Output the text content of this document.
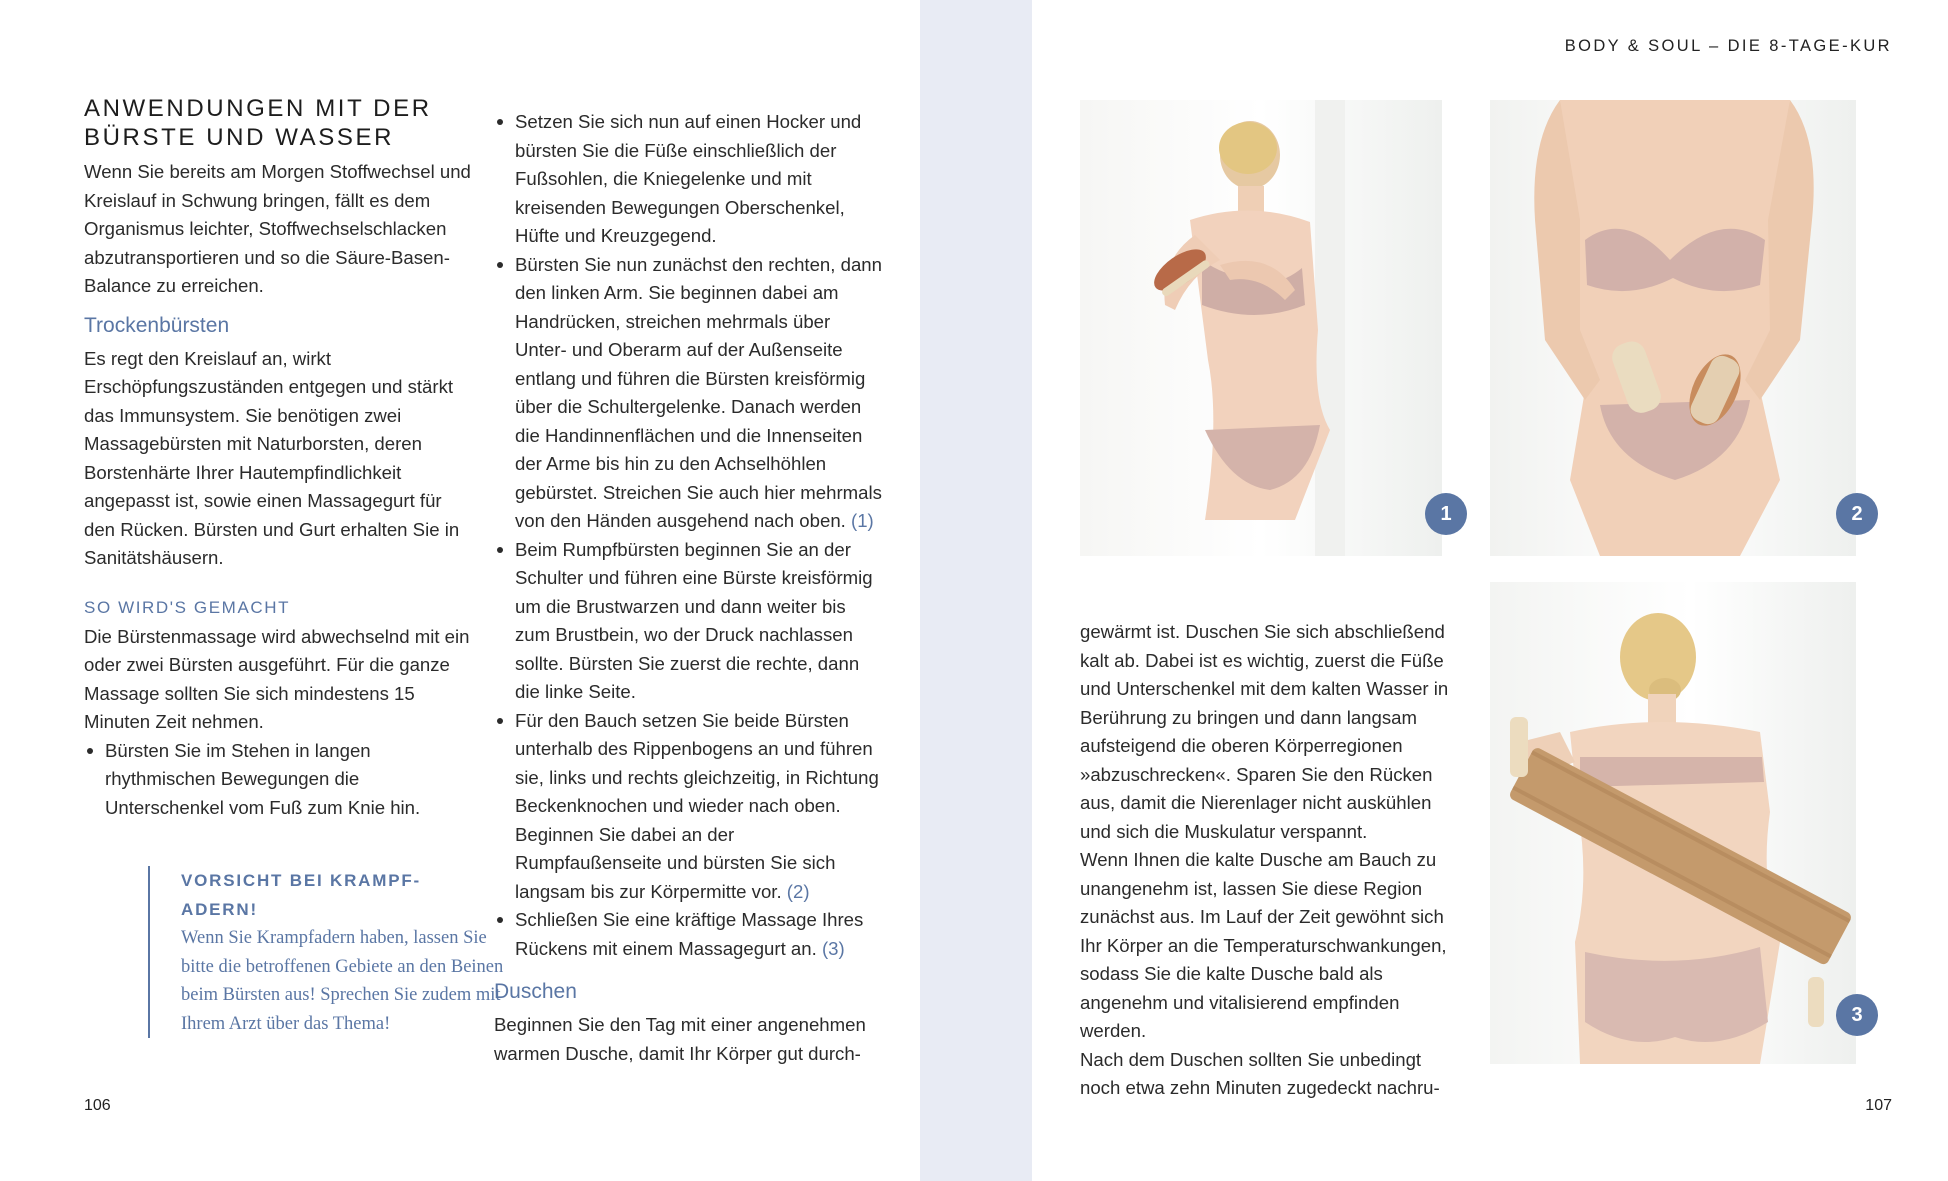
ANWENDUNGEN MIT DER
BÜRSTE UND WASSER

Wenn Sie bereits am Morgen Stoffwechsel und Kreislauf in Schwung bringen, fällt es dem Organismus leichter, Stoffwechselschlacken abzutransportieren und so die Säure-Basen-Balance zu erreichen.

Trockenbürsten

Es regt den Kreislauf an, wirkt Erschöpfungszuständen entgegen und stärkt das Immunsystem. Sie benötigen zwei Massagebürsten mit Naturborsten, deren Borstenhärte Ihrer Hautempfindlichkeit angepasst ist, sowie einen Massagegurt für den Rücken. Bürsten und Gurt erhalten Sie in Sanitätshäusern.

SO WIRD'S GEMACHT

Die Bürstenmassage wird abwechselnd mit ein oder zwei Bürsten ausgeführt. Für die ganze Massage sollten Sie sich mindestens 15 Minuten Zeit nehmen.

Bürsten Sie im Stehen in langen rhythmischen Bewegungen die Unterschenkel vom Fuß zum Knie hin.
VORSICHT BEI KRAMPF-
ADERN!
Wenn Sie Krampfadern haben, lassen Sie bitte die betroffenen Gebiete an den Beinen beim Bürsten aus! Sprechen Sie zudem mit Ihrem Arzt über das Thema!
Setzen Sie sich nun auf einen Hocker und bürsten Sie die Füße einschließlich der Fußsohlen, die Kniegelenke und mit kreisenden Bewegungen Oberschenkel, Hüfte und Kreuzgegend.
Bürsten Sie nun zunächst den rechten, dann den linken Arm. Sie beginnen dabei am Handrücken, streichen mehrmals über Unter- und Oberarm auf der Außenseite entlang und führen die Bürsten kreisförmig über die Schultergelenke. Danach werden die Handinnenflächen und die Innenseiten der Arme bis hin zu den Achselhöhlen gebürstet. Streichen Sie auch hier mehrmals von den Händen ausgehend nach oben. (1)
Beim Rumpfbürsten beginnen Sie an der Schulter und führen eine Bürste kreisförmig um die Brustwarzen und dann weiter bis zum Brustbein, wo der Druck nachlassen sollte. Bürsten Sie zuerst die rechte, dann die linke Seite.
Für den Bauch setzen Sie beide Bürsten unterhalb des Rippenbogens an und führen sie, links und rechts gleichzeitig, in Richtung Beckenknochen und wieder nach oben. Beginnen Sie dabei an der Rumpfaußenseite und bürsten Sie sich langsam bis zur Körpermitte vor. (2)
Schließen Sie eine kräftige Massage Ihres Rückens mit einem Massagegurt an. (3)
Duschen

Beginnen Sie den Tag mit einer angenehmen warmen Dusche, damit Ihr Körper gut durch-

106
BODY & SOUL – DIE 8-TAGE-KUR
1	2
3

gewärmt ist. Duschen Sie sich abschließend kalt ab. Dabei ist es wichtig, zuerst die Füße und Unterschenkel mit dem kalten Wasser in Berührung zu bringen und dann langsam aufsteigend die oberen Körperregionen »abzuschrecken«. Sparen Sie den Rücken aus, damit die Nierenlager nicht auskühlen und sich die Muskulatur verspannt.

Wenn Ihnen die kalte Dusche am Bauch zu unangenehm ist, lassen Sie diese Region zunächst aus. Im Lauf der Zeit gewöhnt sich Ihr Körper an die Temperaturschwankungen, sodass Sie die kalte Dusche bald als angenehm und vitalisierend empfinden werden.

Nach dem Duschen sollten Sie unbedingt noch etwa zehn Minuten zugedeckt nachru-

107
